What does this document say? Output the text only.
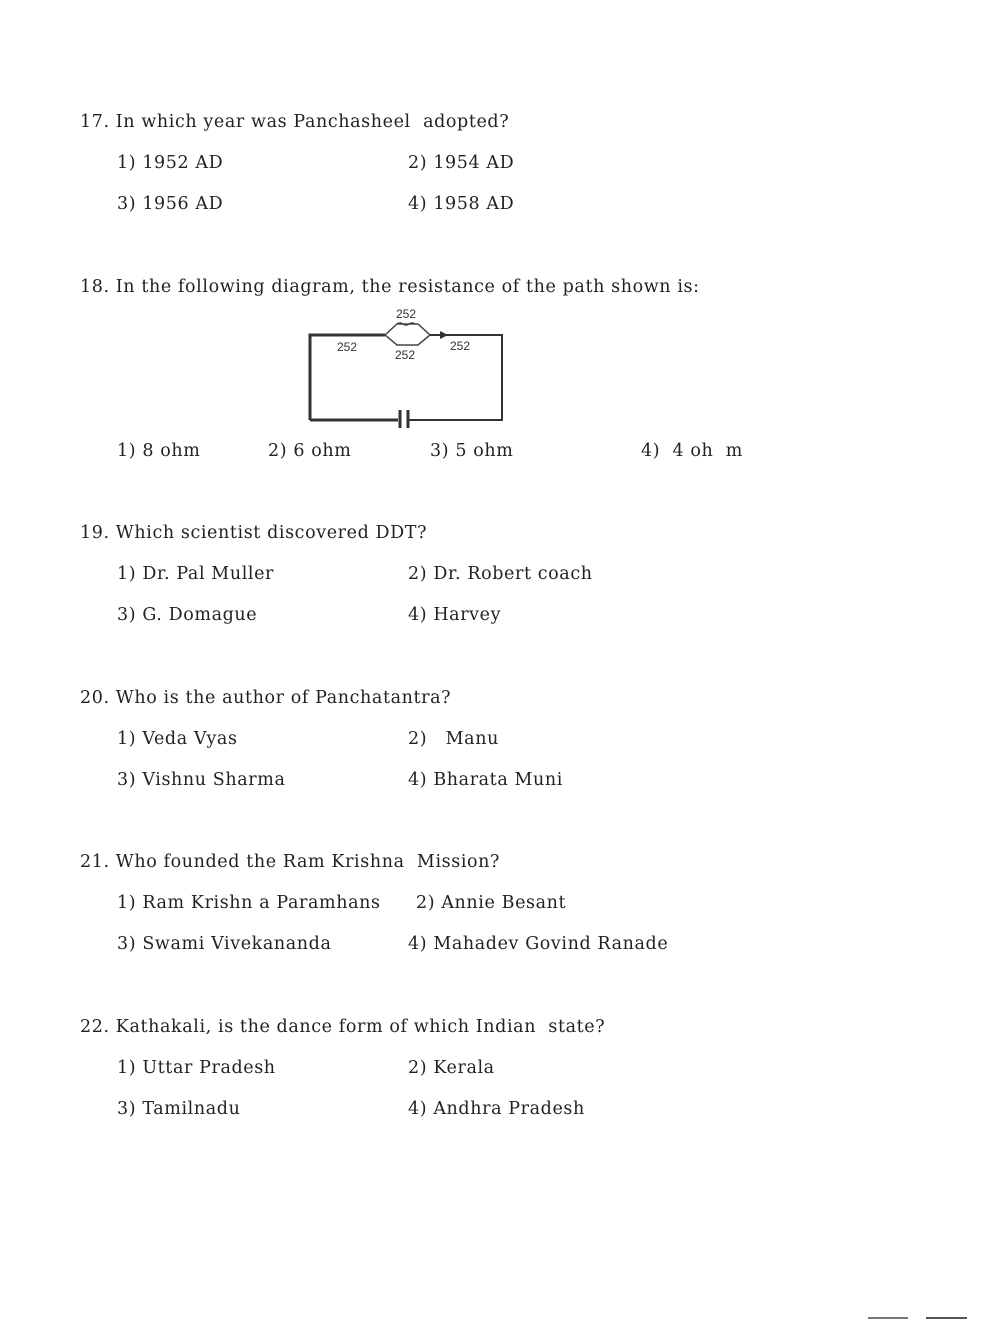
17. In which year was Panchasheel  adopted?
1) 1952 AD	2) 1954 AD
3) 1956 AD	4) 1958 AD
18. In the following diagram, the resistance of the path shown is:
252
252
252
252
1) 8 ohm	2) 6 ohm	3) 5 ohm	4)  4 oh  m
19. Which scientist discovered DDT?
1) Dr. Pal Muller	2) Dr. Robert coach
3) G. Domague	4) Harvey
20. Who is the author of Panchatantra?
1) Veda Vyas	2)   Manu
3) Vishnu Sharma	4) Bharata Muni
21. Who founded the Ram Krishna  Mission?
1) Ram Krishn a Paramhans 2) Annie Besant
3) Swami Vivekananda	4) Mahadev Govind Ranade
22. Kathakali, is the dance form of which Indian  state?
1) Uttar Pradesh	2) Kerala
3) Tamilnadu	4) Andhra Pradesh
